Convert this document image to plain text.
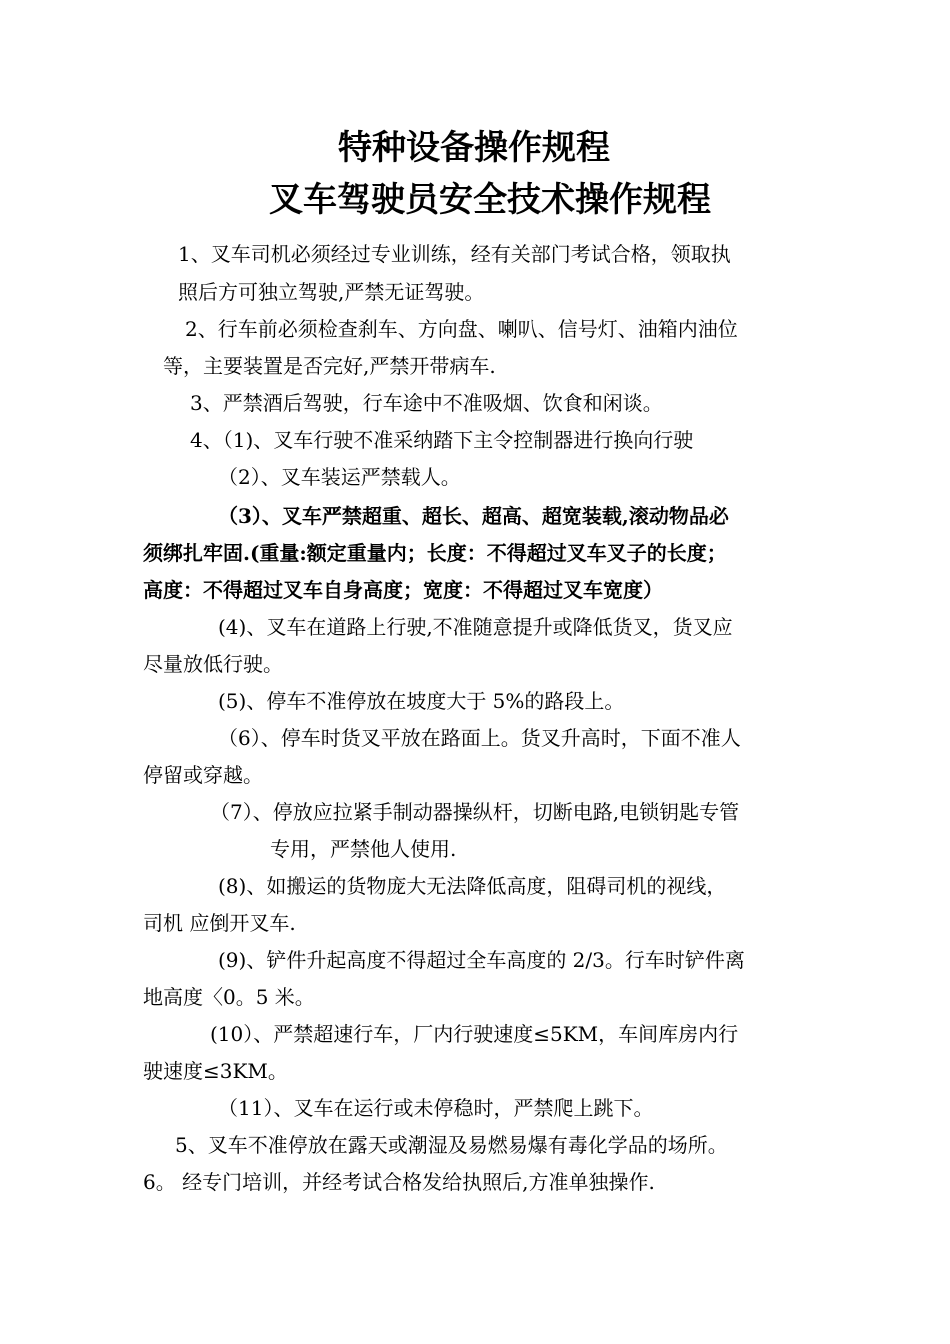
特种设备操作规程
叉车驾驶员安全技术操作规程
1、叉车司机必须经过专业训练，经有关部门考试合格，领取执
照后方可独立驾驶,严禁无证驾驶。
2、行车前必须检查刹车、方向盘、喇叭、信号灯、油箱内油位
等，主要装置是否完好,严禁开带病车.
3、严禁酒后驾驶，行车途中不准吸烟、饮食和闲谈。
4、（1)、叉车行驶不准采纳踏下主令控制器进行换向行驶
（2）、叉车装运严禁载人。
（3）、叉车严禁超重、超长、超高、超宽装载,滚动物品必
须绑扎牢固.(重量:额定重量内；长度：不得超过叉车叉子的长度；
高度：不得超过叉车自身高度；宽度：不得超过叉车宽度）
(4)、叉车在道路上行驶,不准随意提升或降低货叉，货叉应
尽量放低行驶。
(5)、停车不准停放在坡度大于 5%的路段上。
（6）、停车时货叉平放在路面上。货叉升高时，下面不准人
停留或穿越。
（7）、停放应拉紧手制动器操纵杆，切断电路,电锁钥匙专管
专用，严禁他人使用.
(8)、如搬运的货物庞大无法降低高度，阻碍司机的视线，
司机 应倒开叉车.
(9)、铲件升起高度不得超过全车高度的 2/3。行车时铲件离
地高度〈0。5 米。
(10）、严禁超速行车，厂内行驶速度≤5KM，车间库房内行
驶速度≤3KM。
（11）、叉车在运行或未停稳时，严禁爬上跳下。
5、叉车不准停放在露天或潮湿及易燃易爆有毒化学品的场所。
6。 经专门培训，并经考试合格发给执照后,方准单独操作.
